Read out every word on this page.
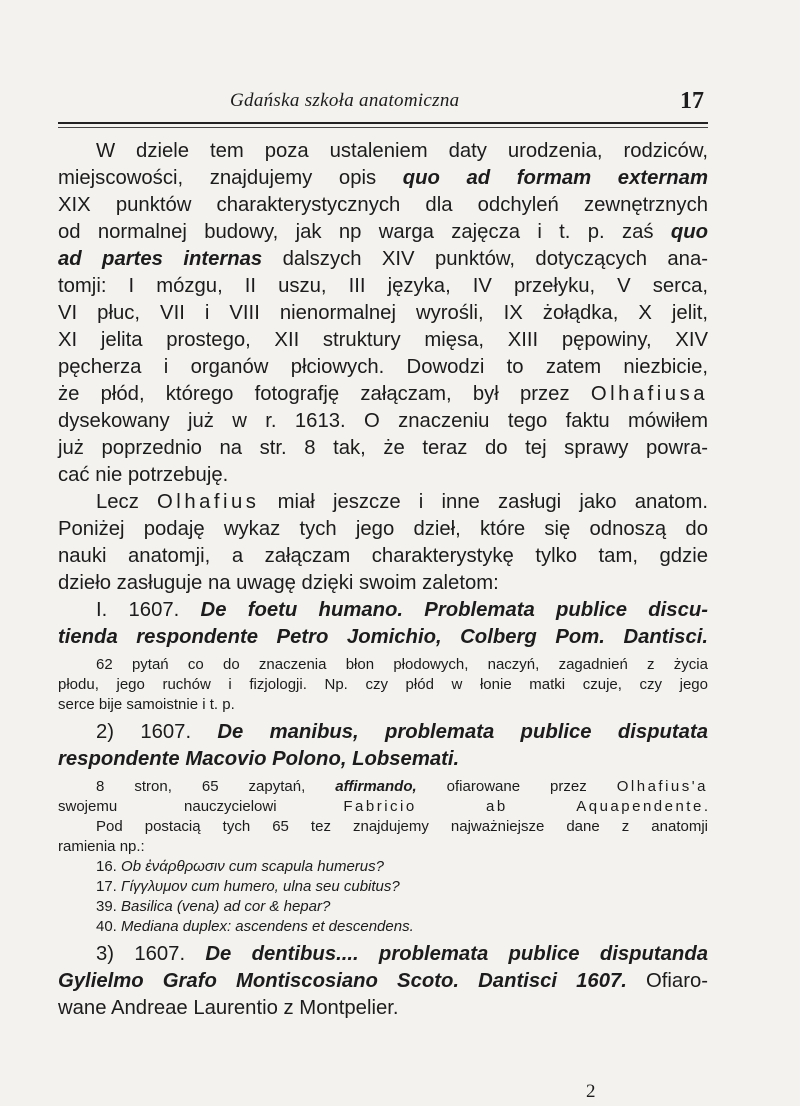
Gdańska szkoła anatomiczna	17
W dziele tem poza ustaleniem daty urodzenia, rodziców,
miejscowości, znajdujemy opis quo ad formam externam
XIX punktów charakterystycznych dla odchyleń zewnętrznych
od normalnej budowy, jak np warga zajęcza i t. p. zaś quo
ad partes internas dalszych XIV punktów, dotyczących ana-
tomji: I mózgu, II uszu, III języka, IV przełyku, V serca,
VI płuc, VII i VIII nienormalnej wyrośli, IX żołądka, X jelit,
XI jelita prostego, XII struktury mięsa, XIII pępowiny, XIV
pęcherza i organów płciowych. Dowodzi to zatem niezbicie,
że płód, którego fotografję załączam, był przez Olhafiusa
dysekowany już w r. 1613. O znaczeniu tego faktu mówiłem
już poprzednio na str. 8 tak, że teraz do tej sprawy powra-
cać nie potrzebuję.
Lecz Olhafius miał jeszcze i inne zasługi jako anatom.
Poniżej podaję wykaz tych jego dzieł, które się odnoszą do
nauki anatomji, a załączam charakterystykę tylko tam, gdzie
dzieło zasługuje na uwagę dzięki swoim zaletom:
I. 1607. De foetu humano. Problemata publice discu-
tienda respondente Petro Jomichio, Colberg Pom. Dantisci.
62 pytań co do znaczenia błon płodowych, naczyń, zagadnień z życia
płodu, jego ruchów i fizjologji. Np. czy płód w łonie matki czuje, czy jego
serce bije samoistnie i t. p.
2) 1607. De manibus, problemata publice disputata
respondente Macovio Polono, Lobsemati.
8 stron, 65 zapytań, affirmando, ofiarowane przez Olhafius'a
swojemu nauczycielowi Fabricio ab Aquapendente.
Pod postacią tych 65 tez znajdujemy najważniejsze dane z anatomji
ramienia np.:
16. Ob ἐνάρθρωσιν cum scapula humerus?
17. Γίγγλυμον cum humero, ulna seu cubitus?
39. Basilica (vena) ad cor & hepar?
40. Mediana duplex: ascendens et descendens.
3) 1607. De dentibus.... problemata publice disputanda
Gylielmo Grafo Montiscosiano Scoto. Dantisci 1607. Ofiaro-
wane Andreae Laurentio z Montpelier.
2
